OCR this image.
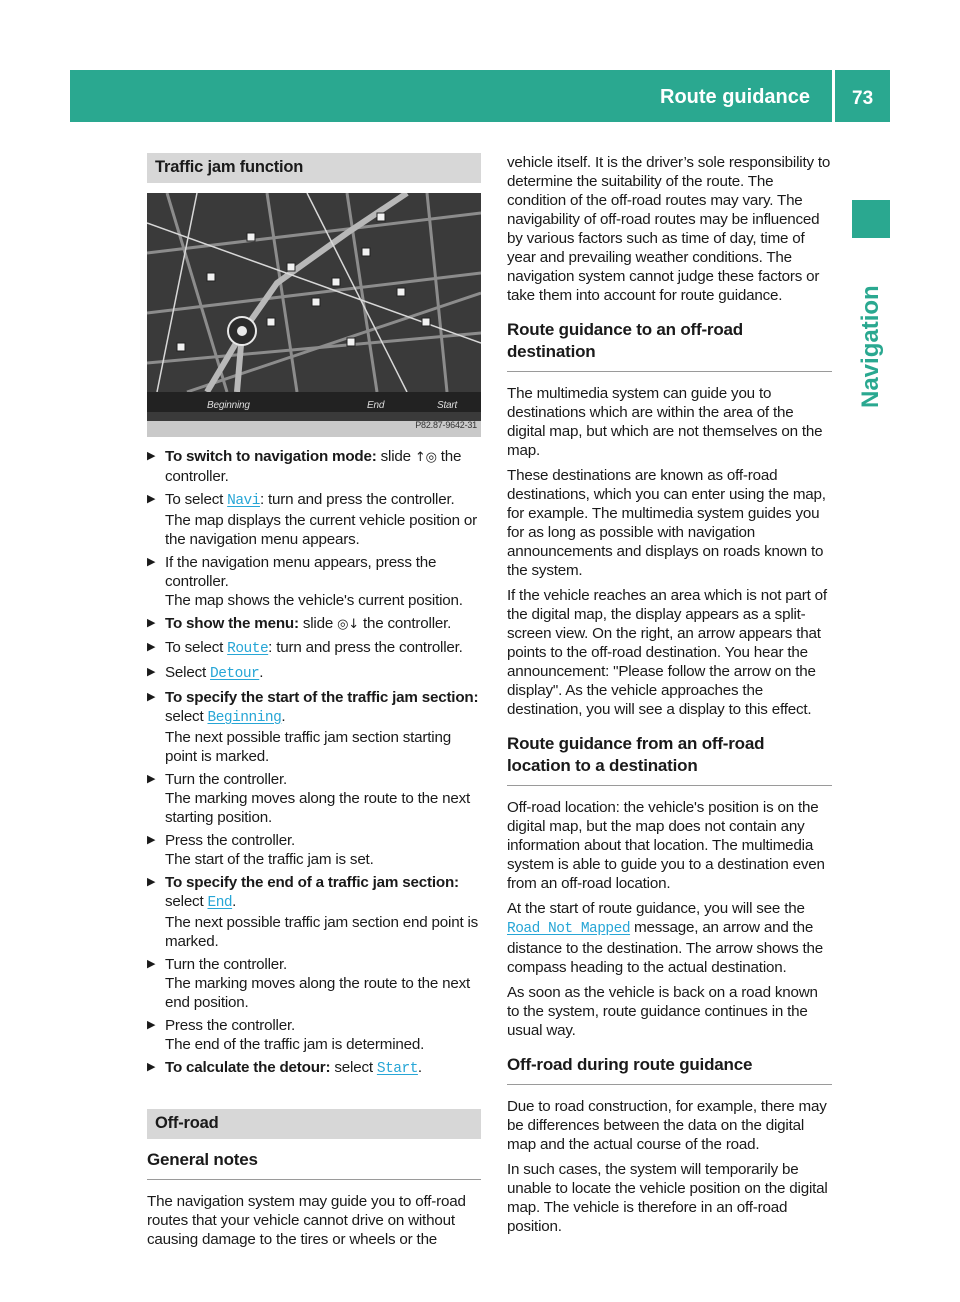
Route guidance 73
Navigation
Traffic jam function
Beginning	End	Start
P82.87-9642-31
▶ To switch to navigation mode: slide ↑◎ the controller.
▶ To select Navi: turn and press the controller.
The map displays the current vehicle position or the navigation menu appears.
▶ If the navigation menu appears, press the controller.
The map shows the vehicle's current position.
▶ To show the menu: slide ◎↓ the controller.
▶ To select Route: turn and press the controller.
▶ Select Detour.
▶ To specify the start of the traffic jam section: select Beginning.
The next possible traffic jam section starting point is marked.
▶ Turn the controller.
The marking moves along the route to the next starting position.
▶ Press the controller.
The start of the traffic jam is set.
▶ To specify the end of a traffic jam section: select End.
The next possible traffic jam section end point is marked.
▶ Turn the controller.
The marking moves along the route to the next end position.
▶ Press the controller.
The end of the traffic jam is determined.
▶ To calculate the detour: select Start.
Off-road
General notes

The navigation system may guide you to off-road routes that your vehicle cannot drive on without causing damage to the tires or wheels or the

vehicle itself. It is the driver’s sole responsibility to determine the suitability of the route. The condition of the off-road routes may vary. The navigability of off-road routes may be influenced by various factors such as time of day, time of year and prevailing weather conditions. The navigation system cannot judge these factors or take them into account for route guidance.

Route guidance to an off-road destination

The multimedia system can guide you to destinations which are within the area of the digital map, but which are not themselves on the map.

These destinations are known as off-road destinations, which you can enter using the map, for example. The multimedia system guides you for as long as possible with navigation announcements and displays on roads known to the system.

If the vehicle reaches an area which is not part of the digital map, the display appears as a split-screen view. On the right, an arrow appears that points to the off-road destination. You hear the announcement: "Please follow the arrow on the display". As the vehicle approaches the destination, you will see a display to this effect.

Route guidance from an off-road location to a destination

Off-road location: the vehicle's position is on the digital map, but the map does not contain any information about that location. The multimedia system is able to guide you to a destination even from an off-road location.

At the start of route guidance, you will see the Road Not Mapped message, an arrow and the distance to the destination. The arrow shows the compass heading to the actual destination.

As soon as the vehicle is back on a road known to the system, route guidance continues in the usual way.

Off-road during route guidance

Due to road construction, for example, there may be differences between the data on the digital map and the actual course of the road.

In such cases, the system will temporarily be unable to locate the vehicle position on the digital map. The vehicle is therefore in an off-road position.
